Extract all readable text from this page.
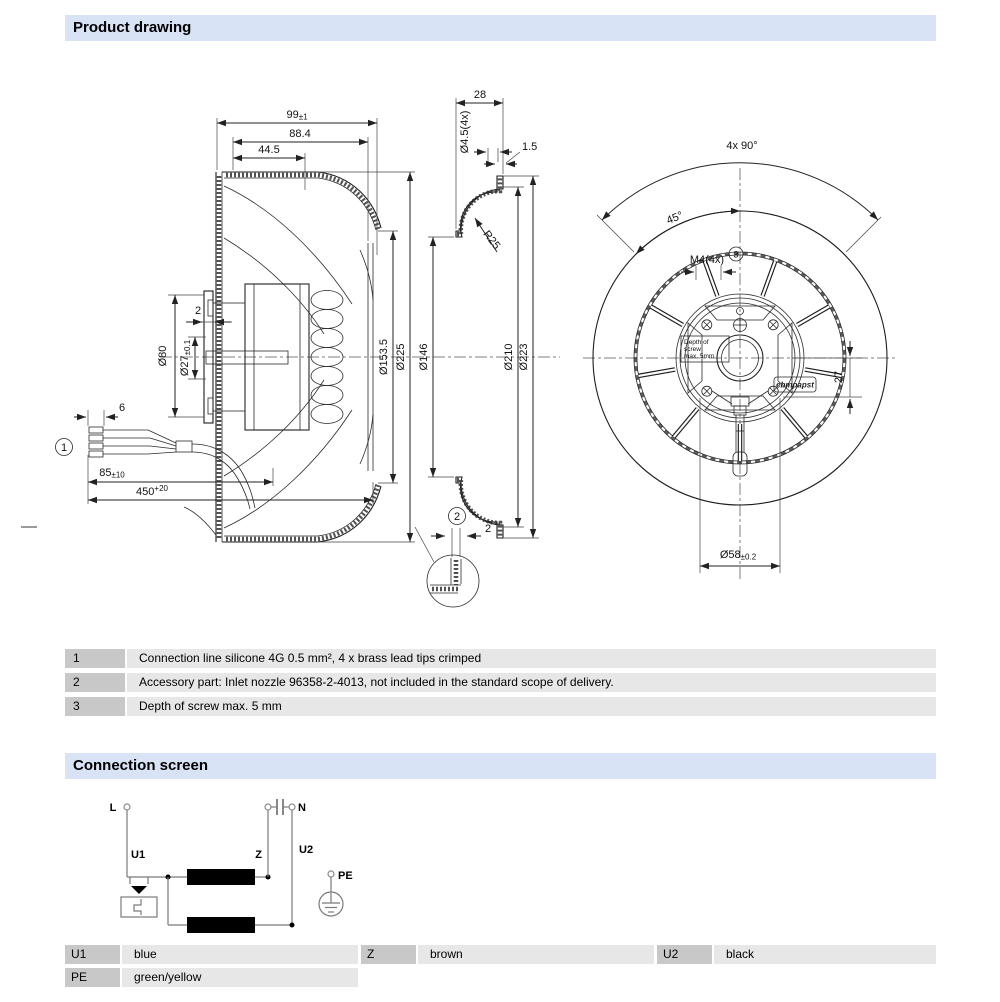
99±1
88.4
44.5
2
Ø80 Ø27±0.1	Ø153.5 Ø225
6
1
85±10
$450^{+20}$
28
Ø4.5(4x)	1.5
R25
Ø146	Ø210 Ø223
2
2
Depth of
screw
max. 5mm
ebmpapst
4x 90°
45°
M4(4x) 3
27
Ø58±0.2
L
U1	Z
N
U2
PE
Product drawing
Connection screen
1	Connection line silicone 4G 0.5 mm², 4 x brass lead tips crimped
2	Accessory part: Inlet nozzle 96358-2-4013, not included in the standard scope of delivery.
3	Depth of screw max. 5 mm
U1	blue	Z	brown	U2	black
PE	green/yellow
